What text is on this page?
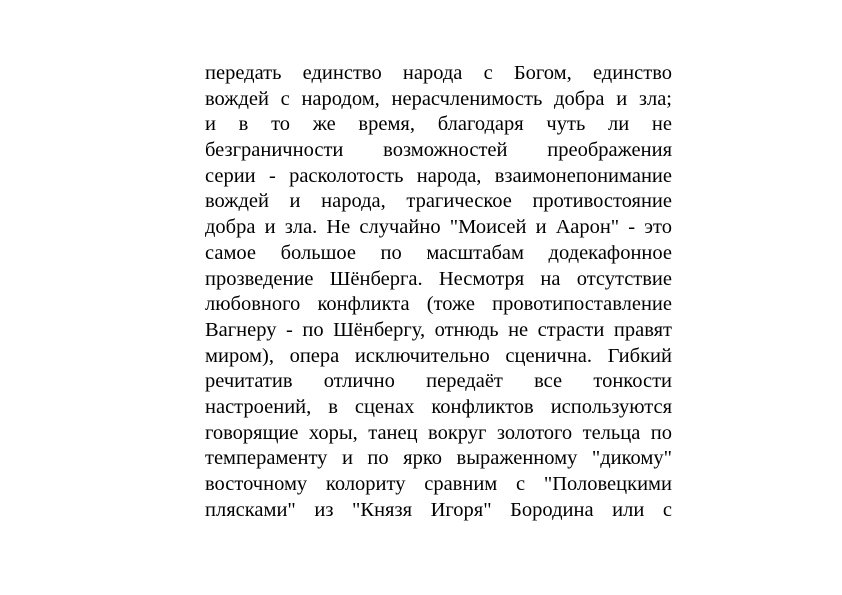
передать единство народа с Богом, единство
вождей с народом, нерасчленимость добра и зла;
и в то же время, благодаря чуть ли не
безграничности возможностей преображения
серии - расколотость народа, взаимонепонимание
вождей и народа, трагическое противостояние
добра и зла. Не случайно "Моисей и Аарон" - это
самое большое по масштабам додекафонное
прозведение Шёнберга. Несмотря на отсутствие
любовного конфликта (тоже провотипоставление
Вагнеру - по Шёнбергу, отнюдь не страсти правят
миром), опера исключительно сценична. Гибкий
речитатив отлично передаёт все тонкости
настроений, в сценах конфликтов используются
говорящие хоры, танец вокруг золотого тельца по
темпераменту и по ярко выраженному "дикому"
восточному колориту сравним с "Половецкими
плясками" из "Князя Игоря" Бородина или с
